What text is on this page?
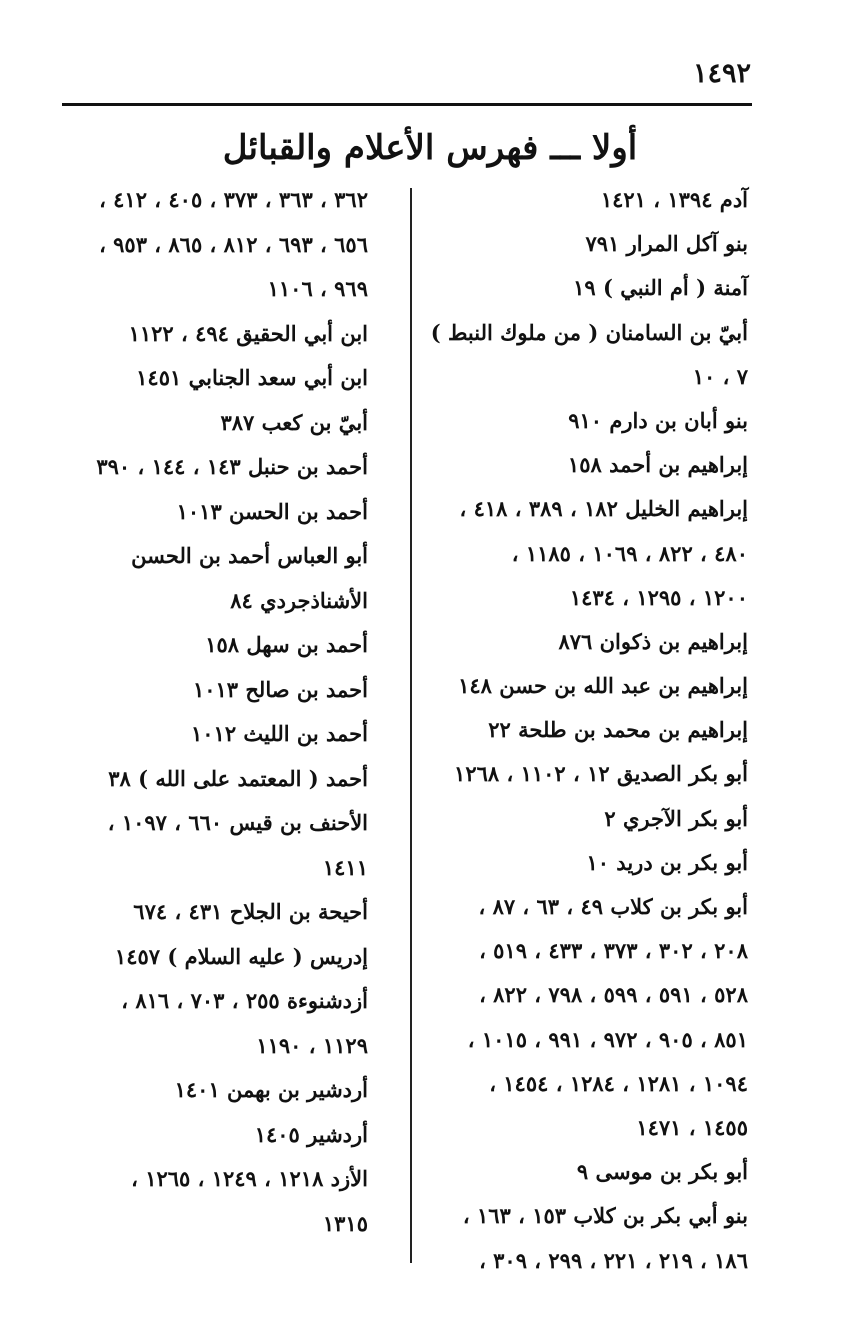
١٤٩٢
أولا ـــ فهرس الأعلام والقبائل
آدم ١٣٩٤ ، ١٤٢١
بنو آكل المرار ٧٩١
آمنة ( أم النبي ) ١٩
أبيّ بن السامنان ( من ملوك النبط )
٧ ، ١٠
بنو أبان بن دارم ٩١٠
إبراهيم بن أحمد ١٥٨
إبراهيم الخليل ١٨٢ ، ٣٨٩ ، ٤١٨ ،
٤٨٠ ، ٨٢٢ ، ١٠٦٩ ، ١١٨٥ ،
١٢٠٠ ، ١٢٩٥ ، ١٤٣٤
إبراهيم بن ذكوان ٨٧٦
إبراهيم بن عبد الله بن حسن ١٤٨
إبراهيم بن محمد بن طلحة ٢٢
أبو بكر الصديق ١٢ ، ١١٠٢ ، ١٢٦٨
أبو بكر الآجري ٢
أبو بكر بن دريد ١٠
أبو بكر بن كلاب ٤٩ ، ٦٣ ، ٨٧ ،
٢٠٨ ، ٣٠٢ ، ٣٧٣ ، ٤٣٣ ، ٥١٩ ،
٥٢٨ ، ٥٩١ ، ٥٩٩ ، ٧٩٨ ، ٨٢٢ ،
٨٥١ ، ٩٠٥ ، ٩٧٢ ، ٩٩١ ، ١٠١٥ ،
١٠٩٤ ، ١٢٨١ ، ١٢٨٤ ، ١٤٥٤ ،
١٤٥٥ ، ١٤٧١
أبو بكر بن موسى ٩
بنو أبي بكر بن كلاب ١٥٣ ، ١٦٣ ،
١٨٦ ، ٢١٩ ، ٢٢١ ، ٢٩٩ ، ٣٠٩ ،
٣٦٢ ، ٣٦٣ ، ٣٧٣ ، ٤٠٥ ، ٤١٢ ،
٦٥٦ ، ٦٩٣ ، ٨١٢ ، ٨٦٥ ، ٩٥٣ ،
٩٦٩ ، ١١٠٦
ابن أبي الحقيق ٤٩٤ ، ١١٢٢
ابن أبي سعد الجنابي ١٤٥١
أبيّ بن كعب ٣٨٧
أحمد بن حنبل ١٤٣ ، ١٤٤ ، ٣٩٠
أحمد بن الحسن ١٠١٣
أبو العباس أحمد بن الحسن
الأشناذجردي ٨٤
أحمد بن سهل ١٥٨
أحمد بن صالح ١٠١٣
أحمد بن الليث ١٠١٢
أحمد ( المعتمد على الله ) ٣٨
الأحنف بن قيس ٦٦٠ ، ١٠٩٧ ،
١٤١١
أحيحة بن الجلاح ٤٣١ ، ٦٧٤
إدريس ( عليه السلام ) ١٤٥٧
أزدشنوءة ٢٥٥ ، ٧٠٣ ، ٨١٦ ،
١١٢٩ ، ١١٩٠
أردشير بن بهمن ١٤٠١
أردشير ١٤٠٥
الأزد ١٢١٨ ، ١٢٤٩ ، ١٢٦٥ ،
١٣١٥
